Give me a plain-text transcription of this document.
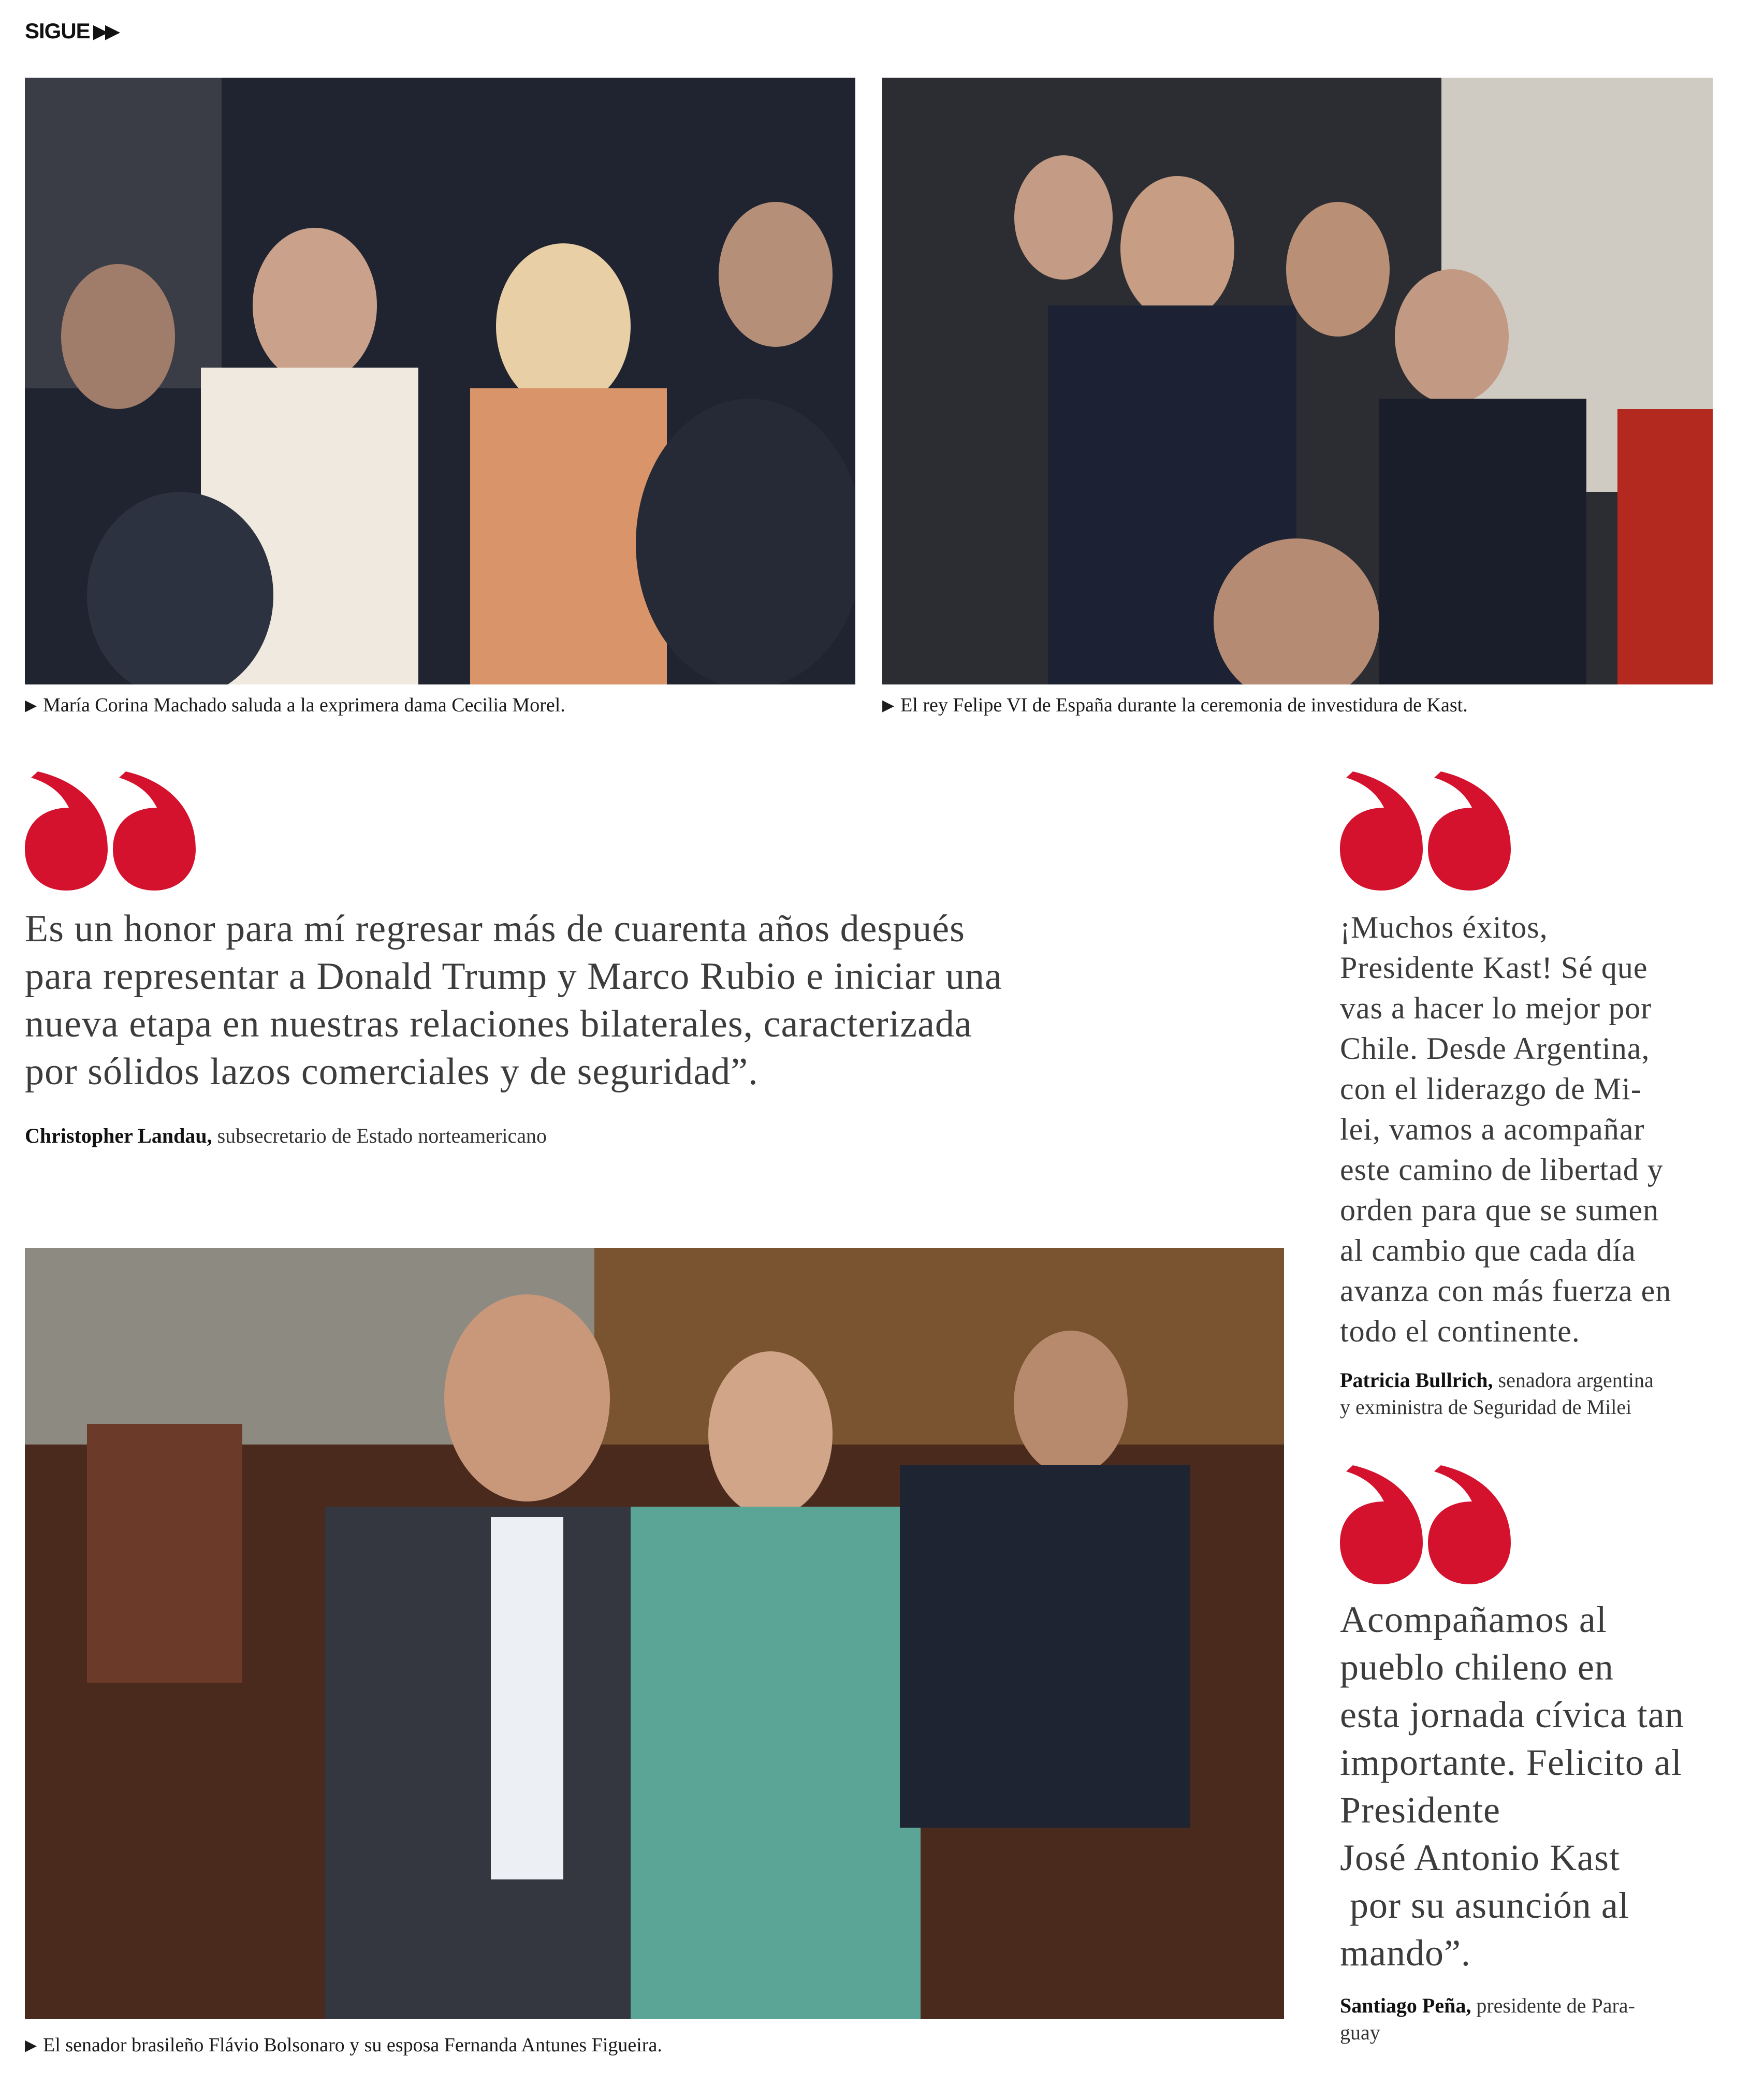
SIGUE ▶▶
▶ María Corina Machado saluda a la exprimera dama Cecilia Morel.	▶ El rey Felipe VI de España durante la ceremonia de investidura de Kast.
Es un honor para mí regresar más de cuarenta años después
para representar a Donald Trump y Marco Rubio e iniciar una
nueva etapa en nuestras relaciones bilaterales, caracterizada
por sólidos lazos comerciales y de seguridad”.
Christopher Landau, subsecretario de Estado norteamericano
▶ El senador brasileño Flávio Bolsonaro y su esposa Fernanda Antunes Figueira.
¡Muchos éxitos,
Presidente Kast! Sé que
vas a hacer lo mejor por
Chile. Desde Argentina,
con el liderazgo de Mi-
lei, vamos a acompañar
este camino de libertad y
orden para que se sumen
al cambio que cada día
avanza con más fuerza en
todo el continente.
Patricia Bullrich, senadora argentina
y exministra de Seguridad de Milei
Acompañamos al
pueblo chileno en
esta jornada cívica tan
importante. Felicito al
Presidente
José Antonio Kast
por su asunción al
mando”.
Santiago Peña, presidente de Para-
guay
